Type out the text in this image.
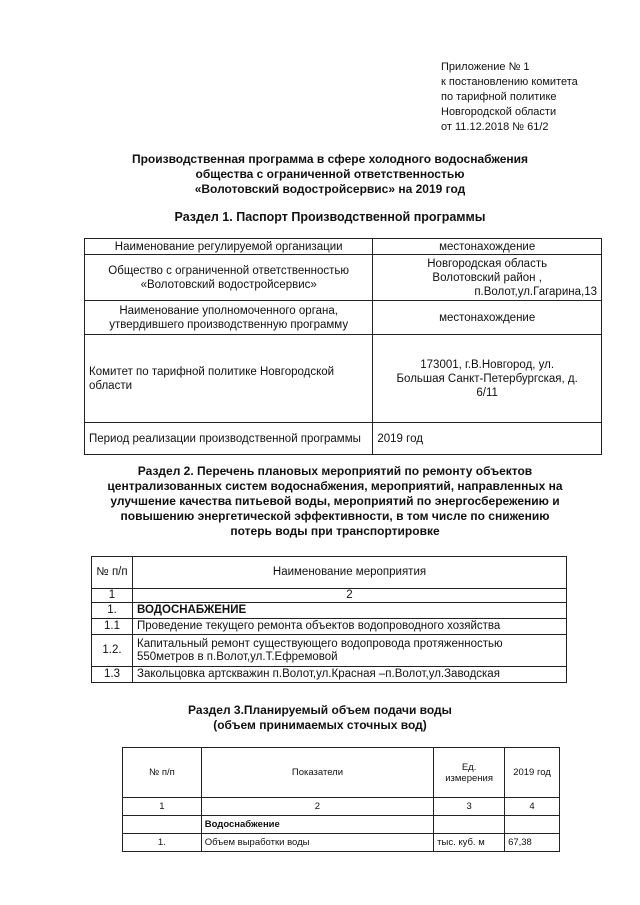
Приложение № 1
к постановлению комитета
по тарифной политике
Новгородской области
от 11.12.2018 № 61/2
Производственная программа в сфере холодного водоснабжения
общества с ограниченной ответственностью
«Волотовский водостройсервис» на 2019 год
Раздел 1. Паспорт Производственной программы
Наименование регулируемой организации	местонахождение
Общество с ограниченной ответственностью «Волотовский водостройсервис»	Новгородская область
Волотовский район ,
п.Волот,ул.Гагарина,13

Наименование уполномоченного органа, утвердившего производственную программу	местонахождение
Комитет по тарифной политике Новгородской области	173001, г.В.Новгород, ул.
Большая Санкт-Петербургская, д.
6/11

Период реализации производственной программы	2019 год
Раздел 2. Перечень плановых мероприятий по ремонту объектов
централизованных систем водоснабжения, мероприятий, направленных на
улучшение качества питьевой воды, мероприятий по энергосбережению и
повышению энергетической эффективности, в том числе по снижению
потерь воды при транспортировке
№ п/п	Наименование мероприятия
1	2
1.	ВОДОСНАБЖЕНИЕ
1.1	Проведение текущего ремонта объектов водопроводного хозяйства
1.2.	Капитальный ремонт существующего водопровода протяженностью 550метров в п.Волот,ул.Т.Ефремовой
1.3	Закольцовка артскважин п.Волот,ул.Красная –п.Волот,ул.Заводская
Раздел 3.Планируемый объем подачи воды
(объем принимаемых сточных вод)
№ п/п	Показатели	Ед. измерения	2019 год
1	2	3	4
	Водоснабжение		
1.	Объем выработки воды	тыс. куб. м	67,38
